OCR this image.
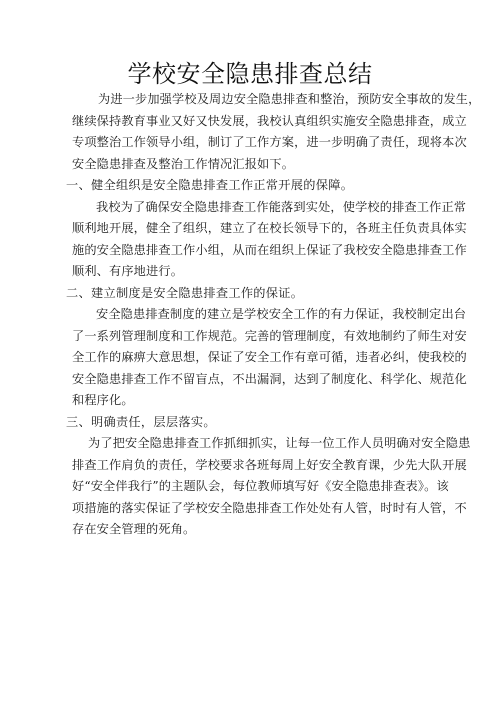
学校安全隐患排查总结
为进一步加强学校及周边安全隐患排查和整治，预防安全事故的发生，
继续保持教育事业又好又快发展，我校认真组织实施安全隐患排查，成立
专项整治工作领导小组，制订了工作方案，进一步明确了责任，现将本次
安全隐患排查及整治工作情况汇报如下。
一、健全组织是安全隐患排查工作正常开展的保障。
我校为了确保安全隐患排查工作能落到实处，使学校的排查工作正常
顺利地开展，健全了组织，建立了在校长领导下的，各班主任负责具体实
施的安全隐患排查工作小组，从而在组织上保证了我校安全隐患排查工作
顺利、有序地进行。
二、建立制度是安全隐患排查工作的保证。
安全隐患排查制度的建立是学校安全工作的有力保证，我校制定出台
了一系列管理制度和工作规范。完善的管理制度，有效地制约了师生对安
全工作的麻痹大意思想，保证了安全工作有章可循，违者必纠，使我校的
安全隐患排查工作不留盲点，不出漏洞，达到了制度化、科学化、规范化
和程序化。
三、明确责任，层层落实。
为了把安全隐患排查工作抓细抓实，让每一位工作人员明确对安全隐患
排查工作肩负的责任，学校要求各班每周上好安全教育课，少先大队开展
好“安全伴我行”的主题队会，每位教师填写好《安全隐患排查表》。该
项措施的落实保证了学校安全隐患排查工作处处有人管，时时有人管，不
存在安全管理的死角。
